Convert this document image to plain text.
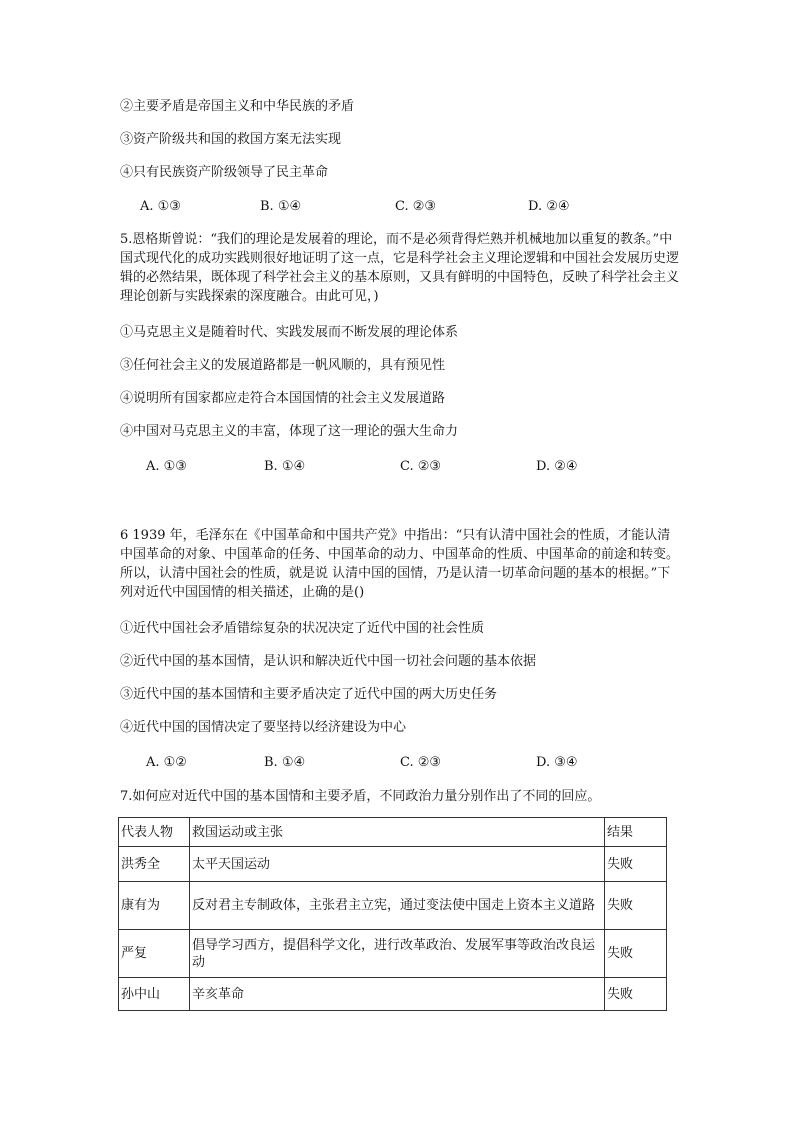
②主要矛盾是帝国主义和中华民族的矛盾
③资产阶级共和国的救国方案无法实现
④只有民族资产阶级领导了民主革命
A. ①③	B. ①④	C. ②③	D. ②④
5.恩格斯曾说：“我们的理论是发展着的理论，而不是必须背得烂熟并机械地加以重复的教条。”中国式现代化的成功实践则很好地证明了这一点，它是科学社会主义理论逻辑和中国社会发展历史逻辑的必然结果，既体现了科学社会主义的基本原则，又具有鲜明的中国特色，反映了科学社会主义理论创新与实践探索的深度融合。由此可见，)
①马克思主义是随着时代、实践发展而不断发展的理论体系
③任何社会主义的发展道路都是一帆风顺的，具有预见性
④说明所有国家都应走符合本国国情的社会主义发展道路
④中国对马克思主义的丰富，体现了这一理论的强大生命力
A. ①③	B. ①④	C. ②③	D. ②④
6 1939 年，毛泽东在《中国革命和中国共产党》中指出：“只有认清中国社会的性质，才能认清中国革命的对象、中国革命的任务、中国革命的动力、中国革命的性质、中国革命的前途和转变。所以，认清中国社会的性质，就是说 认清中国的国情，乃是认清一切革命问题的基本的根据。”下列对近代中国国情的相关描述，止确的是()
①近代中国社会矛盾错综复杂的状况决定了近代中国的社会性质
②近代中国的基本国情，是认识和解决近代中国一切社会问题的基本依据
③近代中国的基本国情和主要矛盾决定了近代中国的两大历史任务
④近代中国的国情决定了要坚持以经济建设为中心
A. ①②	B. ①④	C. ②③	D. ③④
7.如何应对近代中国的基本国情和主要矛盾，不同政治力量分别作出了不同的回应。
代表人物	救国运动或主张	结果
洪秀全	太平天国运动	失败
康有为	反对君主专制政体，主张君主立宪，通过变法使中国走上资本主义道路	失败
严复	倡导学习西方，提倡科学文化，进行改革政治、发展军事等政治改良运动	失败
孙中山	辛亥革命	失败
